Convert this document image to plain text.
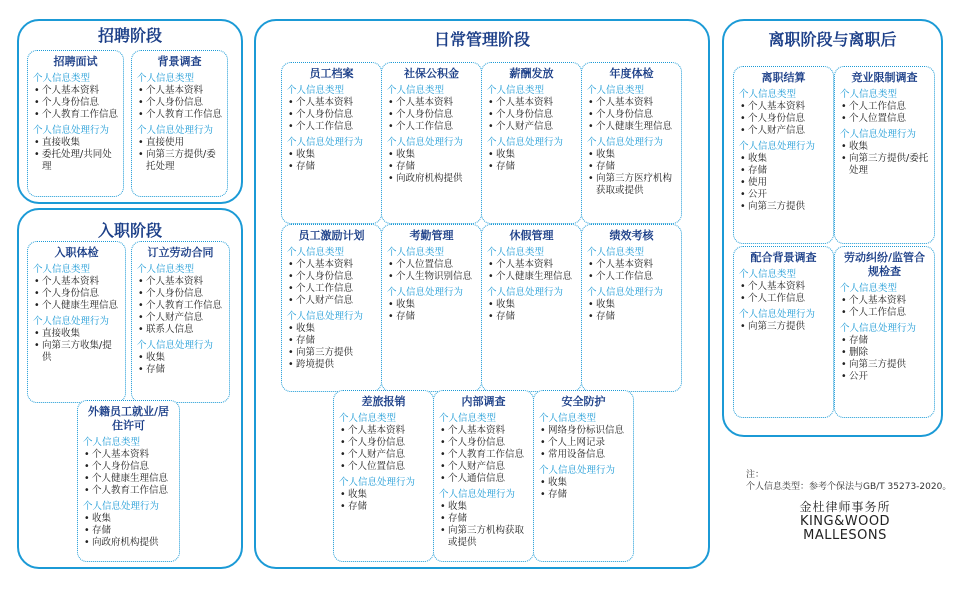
招聘阶段
入职阶段
日常管理阶段	离职阶段与离职后
招聘面试
个人信息类型
• 个人基本资料
• 个人身份信息
• 个人教育工作信息
个人信息处理行为
• 直接收集
• 委托处理/共同处理
背景调查
个人信息类型
• 个人基本资料
• 个人身份信息
• 个人教育工作信息
个人信息处理行为
• 直接使用
• 向第三方提供/委托处理
入职体检
个人信息类型
• 个人基本资料
• 个人身份信息
• 个人健康生理信息
个人信息处理行为
• 直接收集
• 向第三方收集/提供
订立劳动合同
个人信息类型
• 个人基本资料
• 个人身份信息
• 个人教育工作信息
• 个人财产信息
• 联系人信息
个人信息处理行为
• 收集
• 存储
外籍员工就业/居住许可
个人信息类型
• 个人基本资料
• 个人身份信息
• 个人健康生理信息
• 个人教育工作信息
个人信息处理行为
• 收集
• 存储
• 向政府机构提供
员工档案
个人信息类型
• 个人基本资料
• 个人身份信息
• 个人工作信息
个人信息处理行为
• 收集
• 存储
社保公积金
个人信息类型
• 个人基本资料
• 个人身份信息
• 个人工作信息
个人信息处理行为
• 收集
• 存储
• 向政府机构提供
薪酬发放
个人信息类型
• 个人基本资料
• 个人身份信息
• 个人财产信息
个人信息处理行为
• 收集
• 存储
年度体检
个人信息类型
• 个人基本资料
• 个人身份信息
• 个人健康生理信息
个人信息处理行为
• 收集
• 存储
• 向第三方医疗机构获取或提供
员工激励计划
个人信息类型
• 个人基本资料
• 个人身份信息
• 个人工作信息
• 个人财产信息
个人信息处理行为
• 收集
• 存储
• 向第三方提供
• 跨境提供
考勤管理
个人信息类型
• 个人位置信息
• 个人生物识别信息
个人信息处理行为
• 收集
• 存储
休假管理
个人信息类型
• 个人基本资料
• 个人健康生理信息
个人信息处理行为
• 收集
• 存储
绩效考核
个人信息类型
• 个人基本资料
• 个人工作信息
个人信息处理行为
• 收集
• 存储
差旅报销
个人信息类型
• 个人基本资料
• 个人身份信息
• 个人财产信息
• 个人位置信息
个人信息处理行为
• 收集
• 存储
内部调查
个人信息类型
• 个人基本资料
• 个人身份信息
• 个人教育工作信息
• 个人财产信息
• 个人通信信息
个人信息处理行为
• 收集
• 存储
• 向第三方机构获取或提供
安全防护
个人信息类型
• 网络身份标识信息
• 个人上网记录
• 常用设备信息
个人信息处理行为
• 收集
• 存储
离职结算
个人信息类型
• 个人基本资料
• 个人身份信息
• 个人财产信息
个人信息处理行为
• 收集
• 存储
• 使用
• 公开
• 向第三方提供
竞业限制调查
个人信息类型
• 个人工作信息
• 个人位置信息
个人信息处理行为
• 收集
• 向第三方提供/委托处理
配合背景调查
个人信息类型
• 个人基本资料
• 个人工作信息
个人信息处理行为
• 向第三方提供
劳动纠纷/监管合规检查
个人信息类型
• 个人基本资料
• 个人工作信息
个人信息处理行为
• 存储
• 删除
• 向第三方提供
• 公开
注：
个人信息类型：参考个保法与GB/T 35273-2020。
金杜律师事务所
KING&WOOD
MALLESONS
